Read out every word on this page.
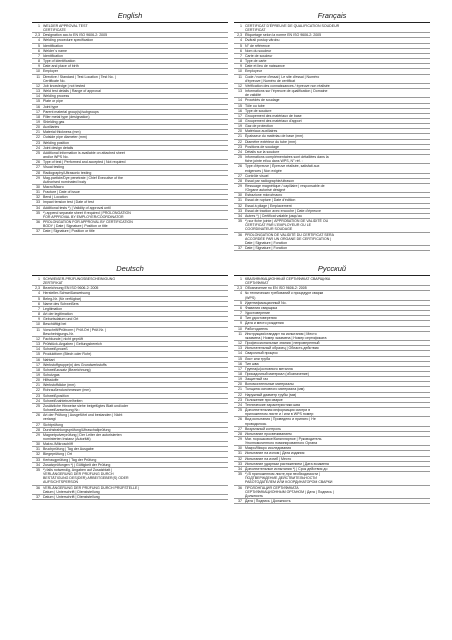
English
1 WELDER APPROVAL TEST
CERTIFICATE
2,3 Designation acc.to EN ISO 9606-2: 2005
4 Welding procedure specification
5 Identification
6 Welder´s name
7 Identification
8 Type of identification
9 Date and place of birth
10 Employer
11 Directive / Standard | Test Location | Test No. |
Certificate No.
12 Job knowledge | not tested
13 Weld test details | Range of approval
14 Welding process
15 Plate or pipe
16 Joint type
17 Parent material group(s)/subgroups
18 Filler metal type (designation)
19 Shielding gas
20 Auxiliaries
21 Material thickness (mm)
22 Outside pipe diameter (mm)
23 Welding position
24 Joint design details
25 Additional information is available on attached sheet
and/or WPS No.
26 Type of test | Performed and accepted | Not required
27 Visual testing
28 Radiography/Ultrasonic testing
29 Mag.particle/Dye penetrate | Chief Executive of the
Authorised nominated body
30 Macro/Macro
31 Fracture | Date of issue
32 Bend | Location
33 Impact tension test | Date of test
34 Additional tests *) | Validity of approval until
35 *) append separate sheet if required | PROLONGATION
FOR APPROVAL BY EMPLOYER/COORDINATOR
36 PROLONGATION FOR APPROVAL BY CERTIFICATION
BODY | Date | Signature | Position or title
37 Date | Signature | Position or title
Français
1 CERTIFICAT D'ÉPREUVE DE QUALIFICATION SOUDEUR
CERTIFICAT
2,3 Étiquetage selon la norme EN ISO 9606-2: 2005
4 Dvārali postup vārobu
5 N° de référence
6 Nom du soudeur
7 Carte de soudeur
8 Type de carte
9 Date et lieu de naissance
10 Employeur
11 Code / norme d'essai | Le site d'essai | Numéro
d'épreuve | Numéro de certificat
12 Vérification des connaissances / épreuve non réalisée
13 Informations sur l'épreuve de qualification | Domaine
de validité
14 Procédés de soudage
15 Tôle ou tube
16 Type de soudure
17 Groupement des matériaux de base
18 Groupement des matériaux d'apport
19 Gaz de protection
20 Matériaux auxiliaires
21 Épaisseur du matériau de base (mm)
22 Diamètre extérieur du tube (mm)
23 Positions de soudage
24 Détails sur la soudure
25 Informations complémentaires sont détaillées dans la
fiche jointe et/ou dans WPS, N° réf. :
26 Type d'épreuve | Épreuve réalisée, satisfait aux
exigences | Non exigée
27 Contrôle visuel
28 Essai par radiographie/ultrason
29 Ressuage magnétique / capillaire | responsable de
l'Organe autorisé désigné
30 Estrazione micro/macro
31 Essai de rupture | Date d'édition
32 Essai à pliage | Emplacement
33 Essai de traction avec encoche | Date d'épreuve
34 Autres *) | Certificat valable jusqu'au
35 *) sur fiche jointe | APPROBATION DE VALIDITÉ OU
CERTIFICAT PAR L'EMPLOYEUR OU LE
COORDINATEUR SOUDAGE
36 PROLONGATION DE VALIDITÉ DU CERTIFICAT SERA
ACCORDÉE PAR UN ORGANE DE CERTIFICATION |
Date | Signature | Fonction
37 Date | Signature | Fonction
Deutsch
1 SCHWEIßER-PRÜFUNGSBESCHEINIGUNG
ZERTIFIKAT
2,3 Bezeichnung EN ISO 9606-2: 2005
4 Hersteller-Schweißanweisung
5 Beleg-Nr. (für verfügbar)
6 Name des Schweißers
7 Legitimation
8 Art der legitimation
9 Geburtsdatum und Ort
10 Beschäftigt bei
11 Vorschrift/Prüfnorm | Prüf-Ort | Prüf-Nr. |
Bescheinigungs-Nr.
12 Fachkunde | nicht geprüft
13 Prüfstück-Angaben | Geltungsbereich
14 Schweißprozeß
15 Produktform (Blech oder Rohr)
16 Nahtart
17 Werkstoffgruppe(n) des Grundwerkstoffs
18 Schweißzusatz (Bezeichnung)
19 Schutzgas
20 Hilfsstoffe
21 Werkstoffdicke (mm)
22 Rohraußendurchmesser (mm)
23 Schweißposition
24 Schweißnahteinzelheiten
25 Zusätzliche Hinweise siehe beigefügtes Blatt und/oder
Schweißanweisung Nr.:
26 Art der Prüfung | Ausgeführt und bestanden | Nicht
verlangt
27 Sichtprüfung
28 Durchstrahlungsprüfung/Ultraschallprüfung
29 Magnetpulverprüfung | Der Leiter der autorisierten
nominierten Instanz (Autorität)
30 Makro-/Mikroschliff
31 Bruchprüfung | Tag der Ausgabe
32 Biegeprüfung | Ort
33 Kerbzugprüfung | Tag der Prüfung
34 Zusatzprüfungen *) | Gültigkeit der Prüfung
35 *) falls notwendig, Angaben auf Zusatzblatt |
VERLÄNGERUNG DER PRÜFUNG DURCH
BESTÄTIGUNG DES(DER) ARBEITGEBER(S) ODER
AUFSICHTSPERSON
36 VERLÄNGERUNG DER PRÜFUNG DURCH PRÜFSTELLE |
Datum | Unterschrift | Dienststellung
37 Datum | Unterschrift | Dienststellung
Русский
1 КВАЛИФИКАЦИОННЫЙ СЕРТИФИКАТ СВАРЩИКА
СЕРТИФИКАТ
2,3 Обозначение по EN ISO 9606-2: 2005
4 № технических требований к процедуре сварки
(WPS)
5 Идентификационный No.
6 Фамилия сварщика
7 Удостоверение
8 Тип удостоверения
9 Дата и место рождения
10 Работодатель
11 Инструкция/стандарт на испытания | Место
экзамена | Номер экзамена | Номер сертификата
12 Профессиональные знания | непроверенный
13 Испытательный образец | Область действия
14 Сварочный процесс
15 Лист или труба
16 Тип шва
17 Группа(ы)основного металла
18 Присадочный материал (обозначение)
19 Защитный газ
20 Вспомогательные материалы
21 Толщина основного материала (мм)
22 Наружный диаметр трубы (мм)
23 Положение при сварке
24 Технические характеристики шва
25 Дополнительная информация смотри в
приложенном листе и / или в WPS номер:
26 Вид испытания | Проведено и принято | Не
проводилось
27 Визуальный контроль
28 Испытание просвечиванием
29 Маг. порошковое/Капиллярное | Руководитель
Уполномоченного номинированного Органа
30 Макро/Микро исследования
31 Испытание на излом | Дата издания
32 Испытание на изгиб | Место
33 Испытание ударным растяжением | Дата экзамена
34 Дополнительные испытания *) | Срок действия до
35 *) В приложенном листе,при необходимости |
ПОДТВЕРЖДЕНИЕ ДЕЙСТВИТЕЛЬНОСТИ
РАБОТОДАТЕЛЕМ ИЛИ КООРДИНАТОРОМ СВАРКИ
36 ПРОЛОНГАЦИЯ СЕРТИФИКАТА
СЕРТИФИКАЦИОННЫМ ОРГАНОМ | Дата | Подпись |
Должность
37 Дата | Подпись | Должность
